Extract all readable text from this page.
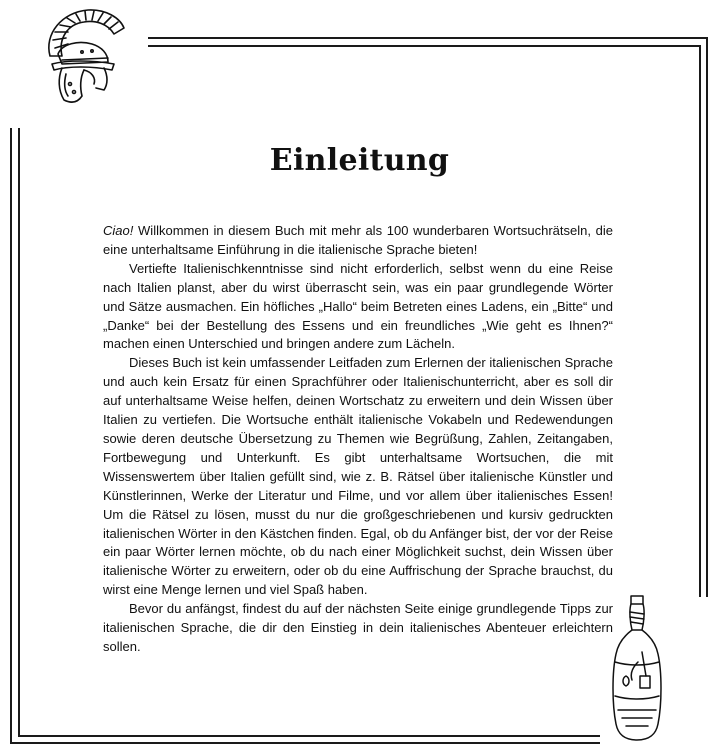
Einleitung

Ciao! Willkommen in diesem Buch mit mehr als 100 wunderbaren Wortsuchrätseln, die eine unterhaltsame Einführung in die italienische Sprache bieten!

Vertiefte Italienischkenntnisse sind nicht erforderlich, selbst wenn du eine Reise nach Italien planst, aber du wirst überrascht sein, was ein paar grundlegende Wörter und Sätze ausmachen. Ein höfliches „Hallo“ beim Betreten eines Ladens, ein „Bitte“ und „Danke“ bei der Bestellung des Essens und ein freundliches „Wie geht es Ihnen?“ machen einen Unterschied und bringen andere zum Lächeln.

Dieses Buch ist kein umfassender Leitfaden zum Erlernen der italienischen Sprache und auch kein Ersatz für einen Sprachführer oder Italienischunterricht, aber es soll dir auf unterhaltsame Weise helfen, deinen Wortschatz zu erweitern und dein Wissen über Italien zu vertiefen. Die Wortsuche enthält italienische Vokabeln und Redewendungen sowie deren deutsche Übersetzung zu Themen wie Begrüßung, Zahlen, Zeitangaben, Fortbewegung und Unterkunft. Es gibt unterhaltsame Wortsuchen, die mit Wissenswertem über Italien gefüllt sind, wie z. B. Rätsel über italienische Künstler und Künstlerinnen, Werke der Literatur und Filme, und vor allem über italienisches Essen! Um die Rätsel zu lösen, musst du nur die großgeschriebenen und kursiv gedruckten italienischen Wörter in den Kästchen finden. Egal, ob du Anfänger bist, der vor der Reise ein paar Wörter lernen möchte, ob du nach einer Möglichkeit suchst, dein Wissen über italienische Wörter zu erweitern, oder ob du eine Auffrischung der Sprache brauchst, du wirst eine Menge lernen und viel Spaß haben.

Bevor du anfängst, findest du auf der nächsten Seite einige grundlegende Tipps zur italienischen Sprache, die dir den Einstieg in dein italienisches Abenteuer erleichtern sollen.
